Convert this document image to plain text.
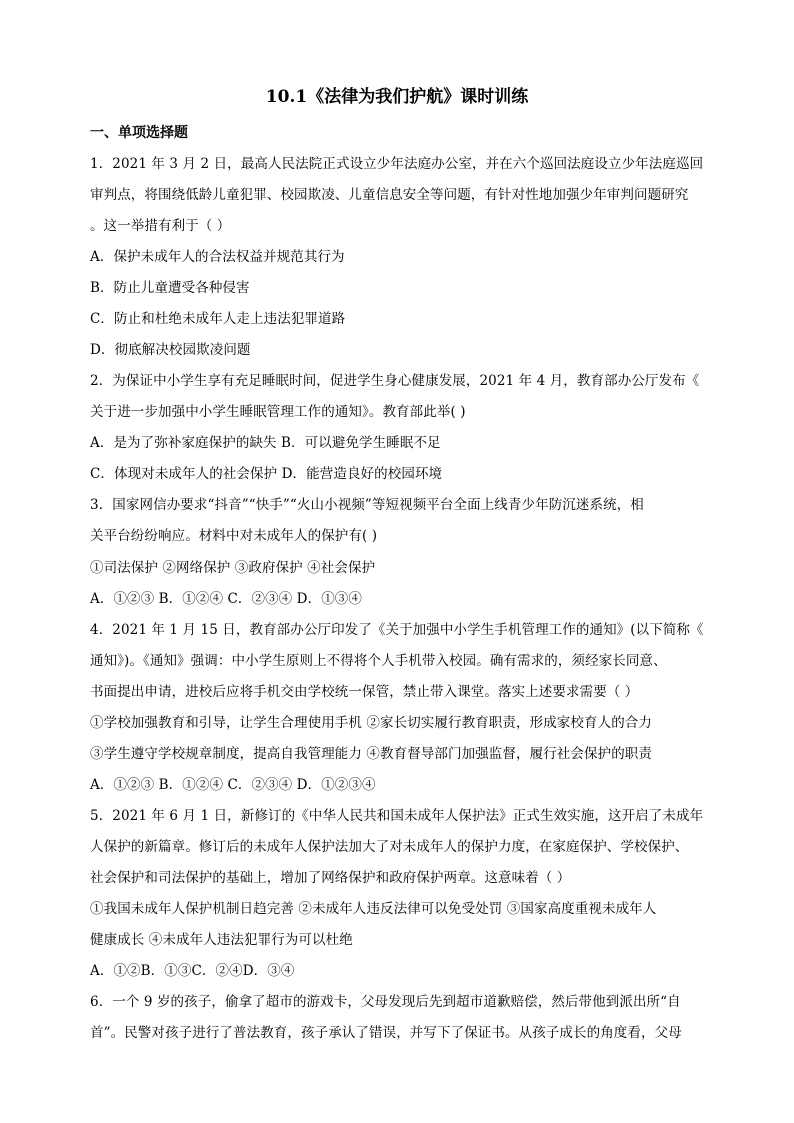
10.1《法律为我们护航》课时训练
一、单项选择题
1．2021 年 3 月 2 日，最高人民法院正式设立少年法庭办公室，并在六个巡回法庭设立少年法庭巡回
审判点，将围绕低龄儿童犯罪、校园欺凌、儿童信息安全等问题，有针对性地加强少年审判问题研究
。这一举措有利于（ ）
A．保护未成年人的合法权益并规范其行为
B．防止儿童遭受各种侵害
C．防止和杜绝未成年人走上违法犯罪道路
D．彻底解决校园欺凌问题
2．为保证中小学生享有充足睡眠时间，促进学生身心健康发展，2021 年 4 月，教育部办公厅发布《
关于进一步加强中小学生睡眠管理工作的通知》。教育部此举( )
A．是为了弥补家庭保护的缺失 B．可以避免学生睡眠不足
C．体现对未成年人的社会保护 D．能营造良好的校园环境
3．国家网信办要求“抖音”“快手”“火山小视频”等短视频平台全面上线青少年防沉迷系统，相
关平台纷纷响应。材料中对未成年人的保护有( )
①司法保护 ②网络保护 ③政府保护 ④社会保护
A．①②③ B．①②④ C．②③④ D．①③④
4．2021 年 1 月 15 日，教育部办公厅印发了《关于加强中小学生手机管理工作的通知》(以下简称《
通知》)。《通知》强调：中小学生原则上不得将个人手机带入校园。确有需求的，须经家长同意、
书面提出申请，进校后应将手机交由学校统一保管，禁止带入课堂。落实上述要求需要（ ）
①学校加强教育和引导，让学生合理使用手机 ②家长切实履行教育职责，形成家校育人的合力
③学生遵守学校规章制度，提高自我管理能力 ④教育督导部门加强监督，履行社会保护的职责
A．①②③ B．①②④ C．②③④ D．①②③④
5．2021 年 6 月 1 日，新修订的《中华人民共和国未成年人保护法》正式生效实施，这开启了未成年
人保护的新篇章。修订后的未成年人保护法加大了对未成年人的保护力度，在家庭保护、学校保护、
社会保护和司法保护的基础上，增加了网络保护和政府保护两章。这意味着（ ）
①我国未成年人保护机制日趋完善 ②未成年人违反法律可以免受处罚 ③国家高度重视未成年人
健康成长 ④未成年人违法犯罪行为可以杜绝
A．①②B．①③C．②④D．③④
6．一个 9 岁的孩子，偷拿了超市的游戏卡，父母发现后先到超市道歉赔偿，然后带他到派出所“自
首”。民警对孩子进行了普法教育，孩子承认了错误，并写下了保证书。从孩子成长的角度看，父母
